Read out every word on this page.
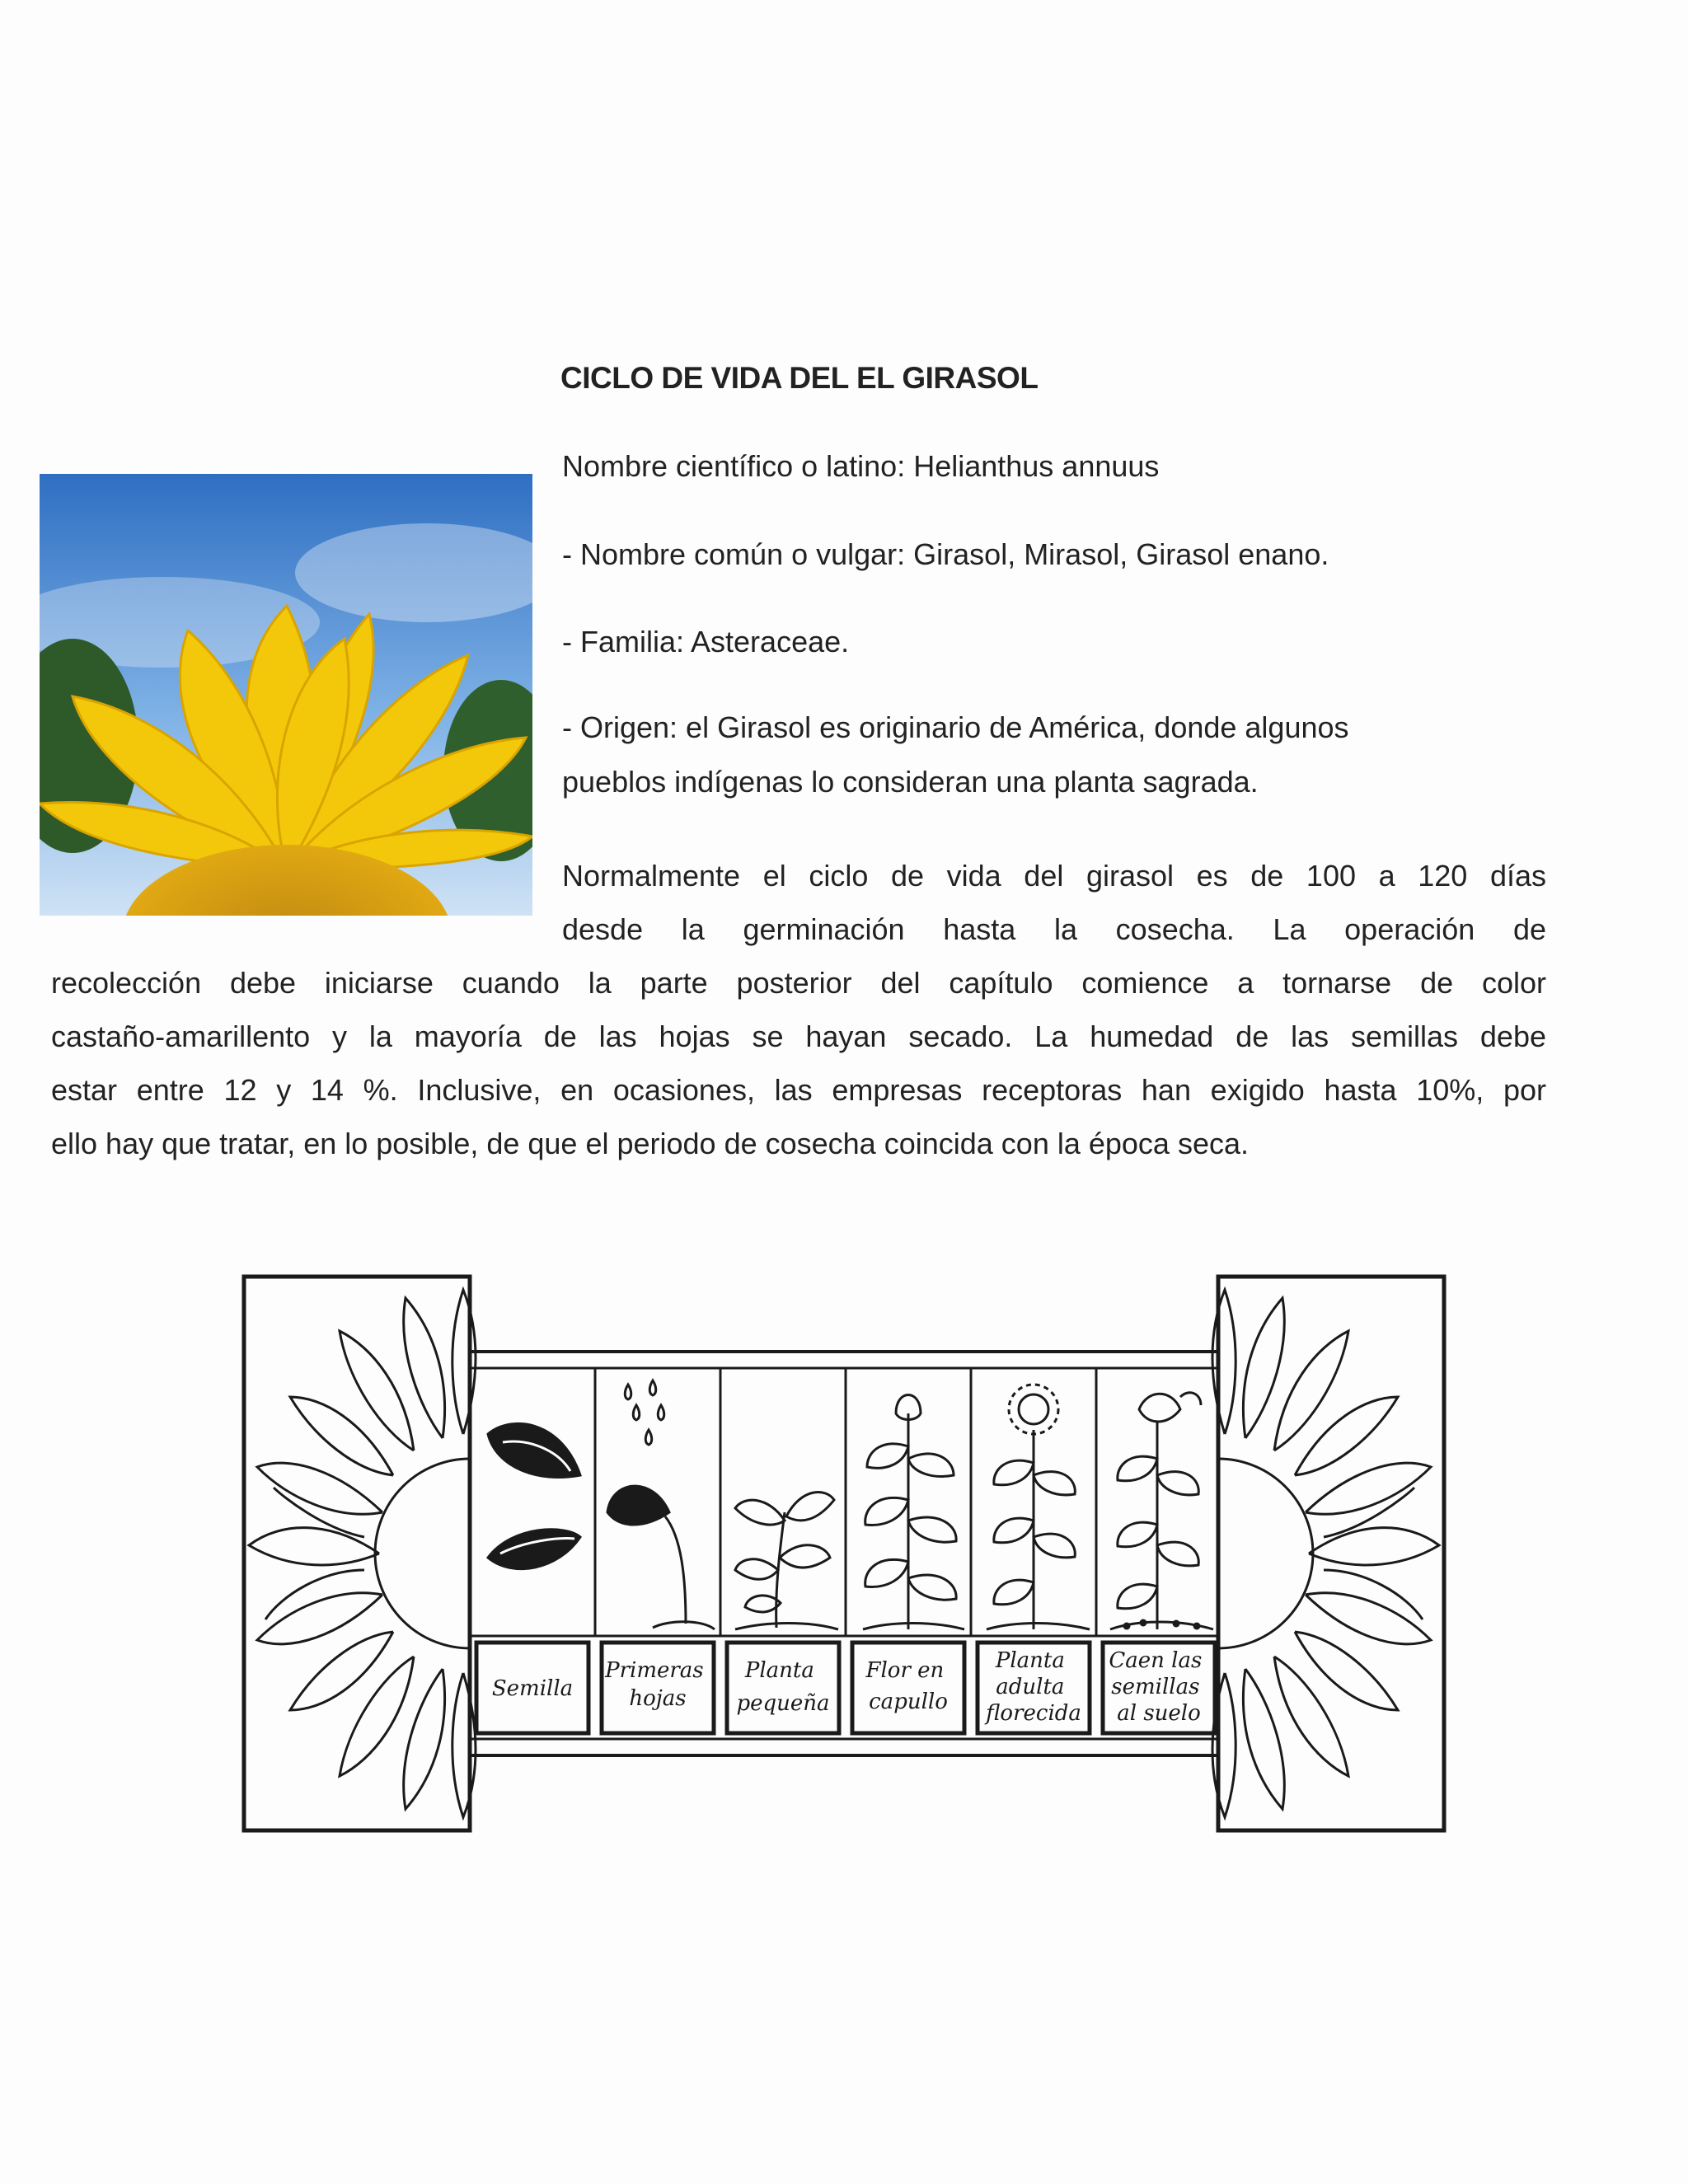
CICLO DE VIDA DEL EL GIRASOL
Nombre científico o latino: Helianthus annuus
- Nombre común o vulgar: Girasol, Mirasol, Girasol enano.
- Familia: Asteraceae.
- Origen: el Girasol es originario de América, donde algunos
pueblos indígenas lo consideran una planta sagrada.
Normalmente el ciclo de vida del girasol es de 100 a 120 días
desde la germinación hasta la cosecha. La operación de
recolección debe iniciarse cuando la parte posterior del capítulo comience a tornarse de color
castaño-amarillento y la mayoría de las hojas se hayan secado. La humedad de las semillas debe
estar entre 12 y 14 %. Inclusive, en ocasiones, las empresas receptoras han exigido hasta 10%, por
ello hay que tratar, en lo posible, de que el periodo de cosecha coincida con la época seca.
Semilla
Primeras hojas
Planta pequeña
Flor en capullo
Planta adulta florecida
Caen las semillas al suelo
